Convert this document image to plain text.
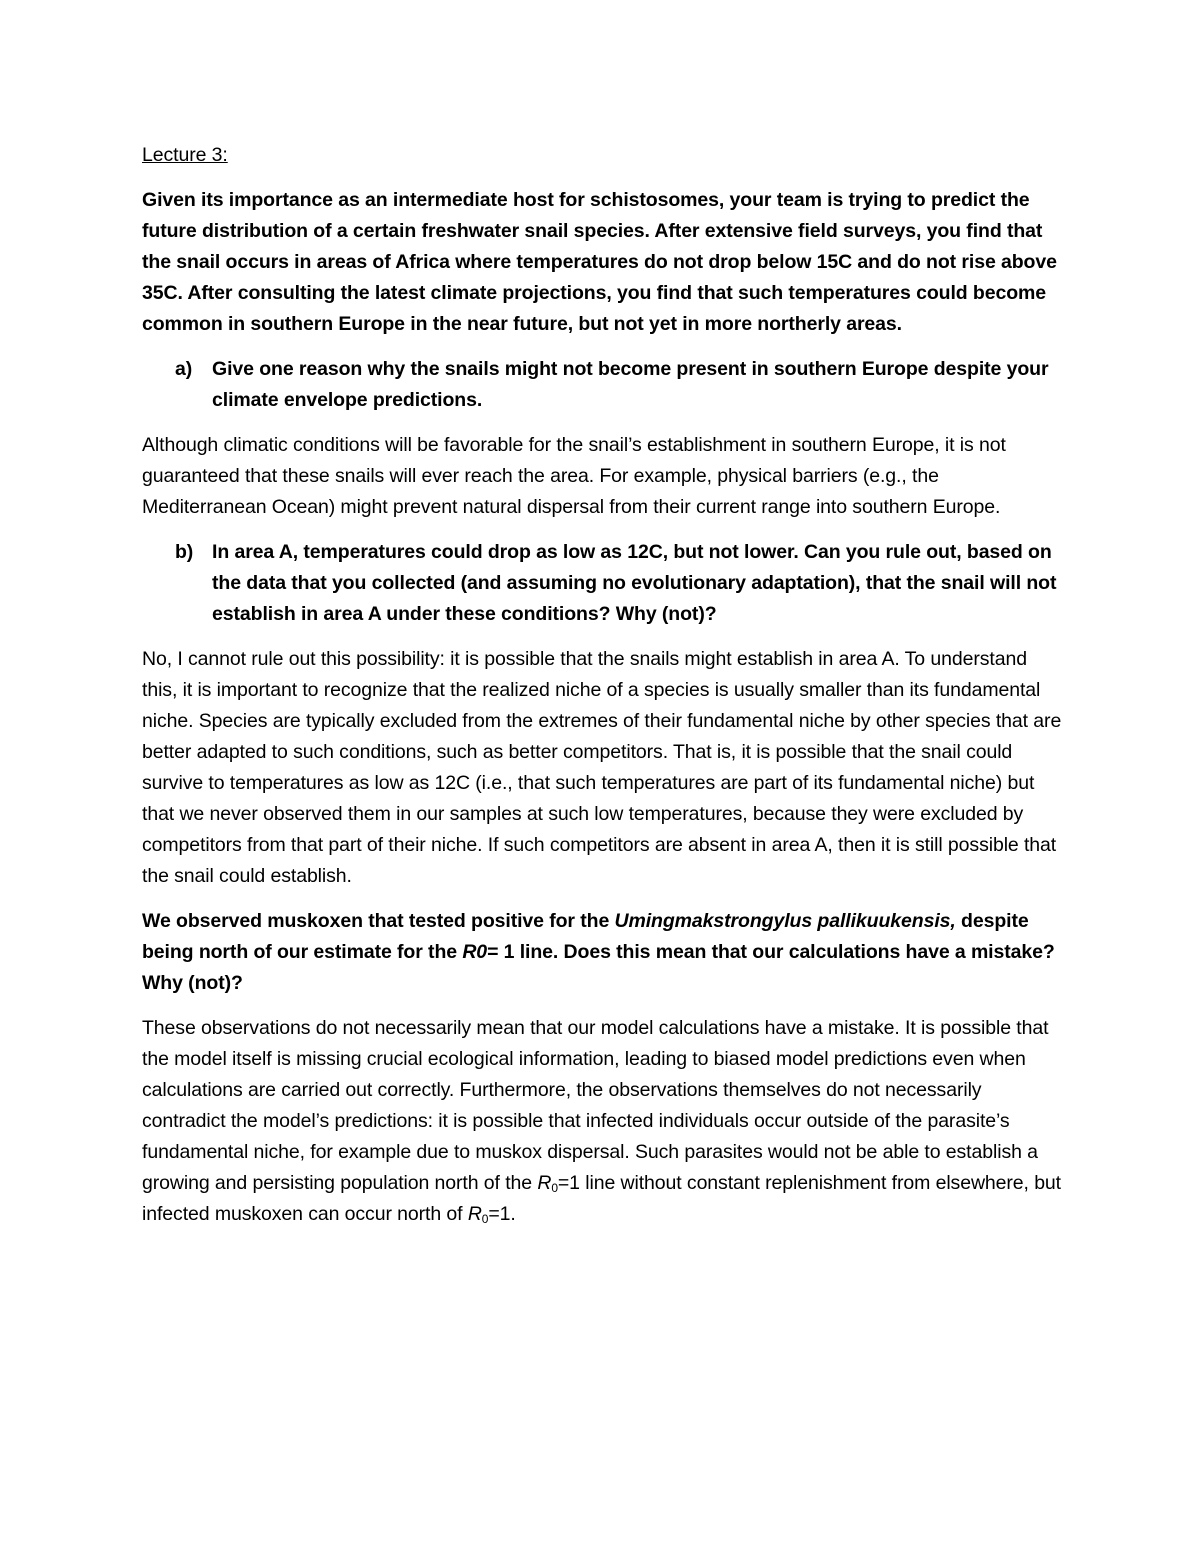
Lecture 3:

Given its importance as an intermediate host for schistosomes, your team is trying to predict the future distribution of a certain freshwater snail species. After extensive field surveys, you find that the snail occurs in areas of Africa where temperatures do not drop below 15C and do not rise above 35C. After consulting the latest climate projections, you find that such temperatures could become common in southern Europe in the near future, but not yet in more northerly areas.

a) Give one reason why the snails might not become present in southern Europe despite your climate envelope predictions.

Although climatic conditions will be favorable for the snail’s establishment in southern Europe, it is not guaranteed that these snails will ever reach the area. For example, physical barriers (e.g., the Mediterranean Ocean) might prevent natural dispersal from their current range into southern Europe.

b) In area A, temperatures could drop as low as 12C, but not lower. Can you rule out, based on the data that you collected (and assuming no evolutionary adaptation), that the snail will not establish in area A under these conditions? Why (not)?

No, I cannot rule out this possibility: it is possible that the snails might establish in area A. To understand this, it is important to recognize that the realized niche of a species is usually smaller than its fundamental niche. Species are typically excluded from the extremes of their fundamental niche by other species that are better adapted to such conditions, such as better competitors. That is, it is possible that the snail could survive to temperatures as low as 12C (i.e., that such temperatures are part of its fundamental niche) but that we never observed them in our samples at such low temperatures, because they were excluded by competitors from that part of their niche. If such competitors are absent in area A, then it is still possible that the snail could establish.

We observed muskoxen that tested positive for the Umingmakstrongylus pallikuukensis, despite being north of our estimate for the R0= 1 line. Does this mean that our calculations have a mistake? Why (not)?

These observations do not necessarily mean that our model calculations have a mistake. It is possible that the model itself is missing crucial ecological information, leading to biased model predictions even when calculations are carried out correctly. Furthermore, the observations themselves do not necessarily contradict the model’s predictions: it is possible that infected individuals occur outside of the parasite’s fundamental niche, for example due to muskox dispersal. Such parasites would not be able to establish a growing and persisting population north of the $R_0=1$ line without constant replenishment from elsewhere, but infected muskoxen can occur north of $R_0=1$.
